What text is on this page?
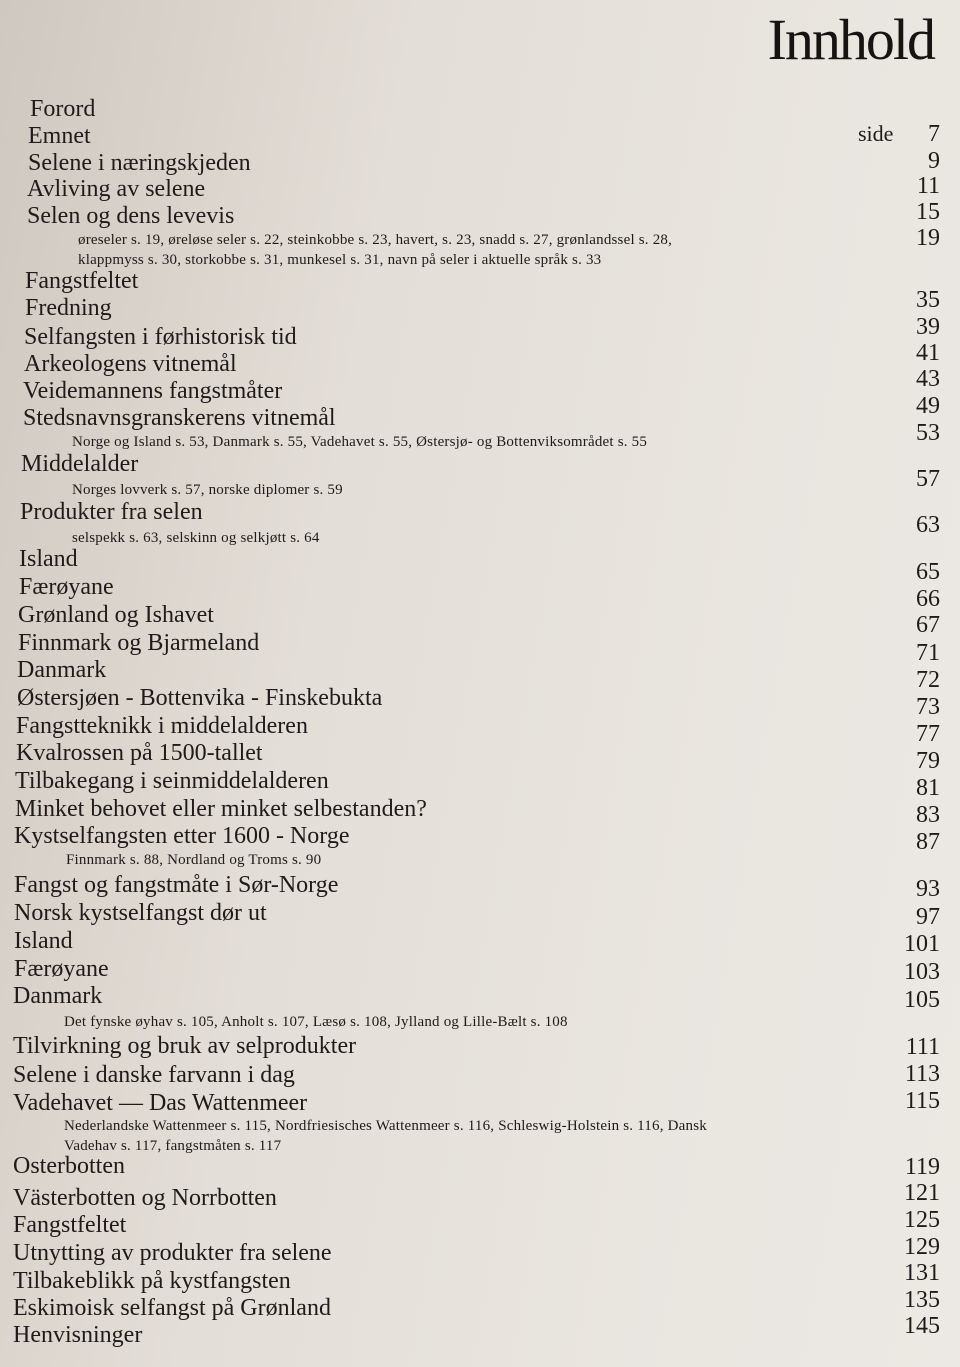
Innhold
Forord
Emnet
Selene i næringskjeden
Avliving av selene
Selen og dens levevis
øreseler s. 19, øreløse seler s. 22, steinkobbe s. 23, havert, s. 23, snadd s. 27, grønlandssel s. 28,
klappmyss s. 30, storkobbe s. 31, munkesel s. 31, navn på seler i aktuelle språk s. 33
Fangstfeltet
Fredning
Selfangsten i førhistorisk tid
Arkeologens vitnemål
Veidemannens fangstmåter
Stedsnavnsgranskerens vitnemål
Norge og Island s. 53, Danmark s. 55, Vadehavet s. 55, Østersjø- og Bottenviksområdet s. 55
Middelalder
Norges lovverk s. 57, norske diplomer s. 59
Produkter fra selen
selspekk s. 63, selskinn og selkjøtt s. 64
Island
Færøyane
Grønland og Ishavet
Finnmark og Bjarmeland
Danmark
Østersjøen - Bottenvika - Finskebukta
Fangstteknikk i middelalderen
Kvalrossen på 1500-tallet
Tilbakegang i seinmiddelalderen
Minket behovet eller minket selbestanden?
Kystselfangsten etter 1600 - Norge
Finnmark s. 88, Nordland og Troms s. 90
Fangst og fangstmåte i Sør-Norge
Norsk kystselfangst dør ut
Island
Færøyane
Danmark
Det fynske øyhav s. 105, Anholt s. 107, Læsø s. 108, Jylland og Lille-Bælt s. 108
Tilvirkning og bruk av selprodukter
Selene i danske farvann i dag
Vadehavet — Das Wattenmeer
Nederlandske Wattenmeer s. 115, Nordfriesisches Wattenmeer s. 116, Schleswig-Holstein s. 116, Dansk
Vadehav s. 117, fangstmåten s. 117
Osterbotten
Västerbotten og Norrbotten
Fangstfeltet
Utnytting av produkter fra selene
Tilbakeblikk på kystfangsten
Eskimoisk selfangst på Grønland
Henvisninger
side	7
9
11
15
19
35
39
41
43
49
53
57
63
65
66
67
71
72
73
77
79
81
83
87
93
97
101
103
105
111
113
115
119
121
125
129
131
135
145
